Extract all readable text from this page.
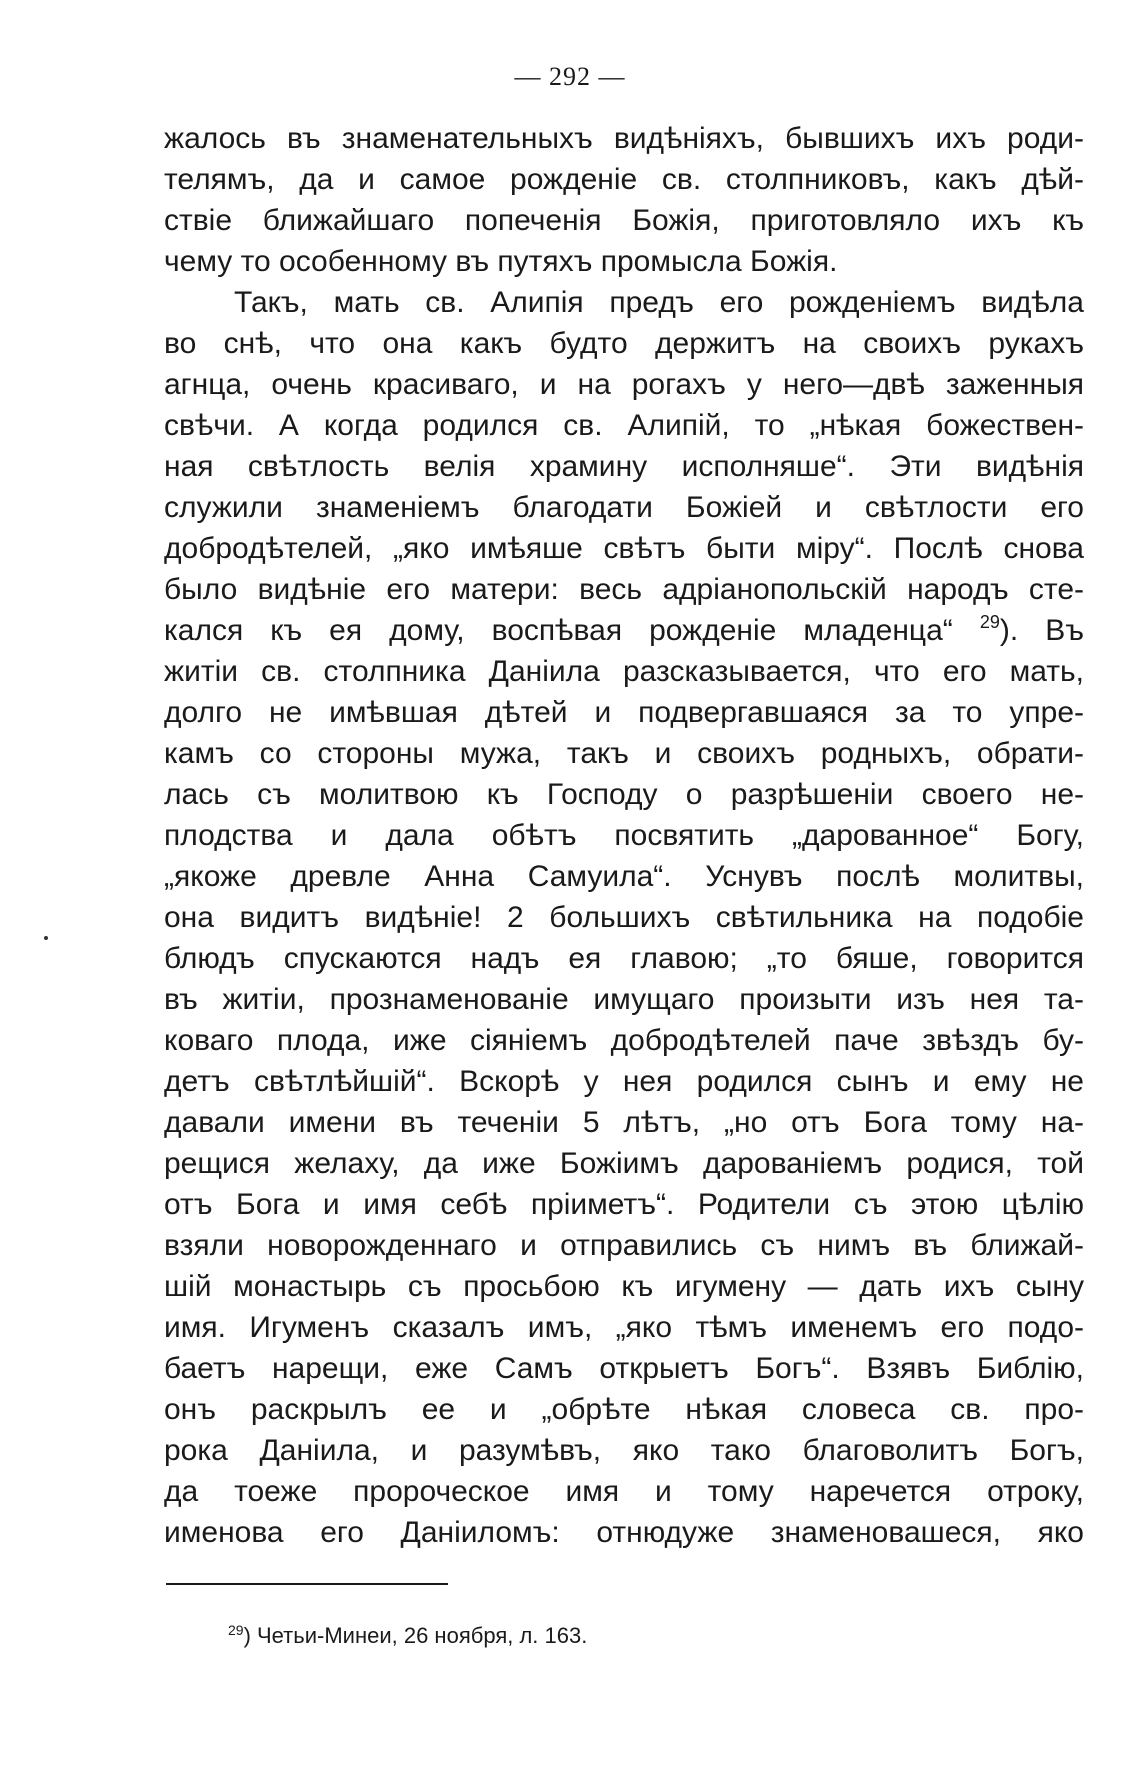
— 292 —
жалось въ знаменательныхъ видѣніяхъ, бывшихъ ихъ роди-
телямъ, да и самое рожденіе св. столпниковъ, какъ дѣй-
ствіе ближайшаго попеченія Божія, приготовляло ихъ къ
чему то особенному въ путяхъ промысла Божія.
Такъ, мать св. Алипія предъ его рожденіемъ видѣла
во снѣ, что она какъ будто держитъ на своихъ рукахъ
агнца, очень красиваго, и на рогахъ у него—двѣ заженныя
свѣчи. А когда родился св. Алипій, то „нѣкая божествен-
ная свѣтлость велія храмину исполняше“. Эти видѣнія
служили знаменіемъ благодати Божіей и свѣтлости его
добродѣтелей, „яко имѣяше свѣтъ быти міру“. Послѣ снова
было видѣніе его матери: весь адріанопольскій народъ сте-
кался къ ея дому, воспѣвая рожденіе младенца“ $^{29}$). Въ
житіи св. столпника Даніила разсказывается, что его мать,
долго не имѣвшая дѣтей и подвергавшаяся за то упре-
камъ со стороны мужа, такъ и своихъ родныхъ, обрати-
лась съ молитвою къ Господу о разрѣшеніи своего не-
плодства и дала обѣтъ посвятить „дарованное“ Богу,
„якоже древле Анна Самуила“. Уснувъ послѣ молитвы,
она видитъ видѣніе! 2 большихъ свѣтильника на подобіе
блюдъ спускаются надъ ея главою; „то бяше, говорится
въ житіи, прознаменованіе имущаго произыти изъ нея та-
коваго плода, иже сіяніемъ добродѣтелей паче звѣздъ бу-
детъ свѣтлѣйшій“. Вскорѣ у нея родился сынъ и ему не
давали имени въ теченіи 5 лѣтъ, „но отъ Бога тому на-
рещися желаху, да иже Божіимъ дарованіемъ родися, той
отъ Бога и имя себѣ пріиметъ“. Родители съ этою цѣлію
взяли новорожденнаго и отправились съ нимъ въ ближай-
шій монастырь съ просьбою къ игумену — дать ихъ сыну
имя. Игуменъ сказалъ имъ, „яко тѣмъ именемъ его подо-
баетъ нарещи, еже Самъ открыетъ Богъ“. Взявъ Библію,
онъ раскрылъ ее и „обрѣте нѣкая словеса св. про-
рока Даніила, и разумѣвъ, яко тако благоволитъ Богъ,
да тоеже пророческое имя и тому наречется отроку,
именова его Даніиломъ: отнюдуже знаменовашеся, яко
$^{29}$) Четьи-Минеи, 26 ноября, л. 163.
